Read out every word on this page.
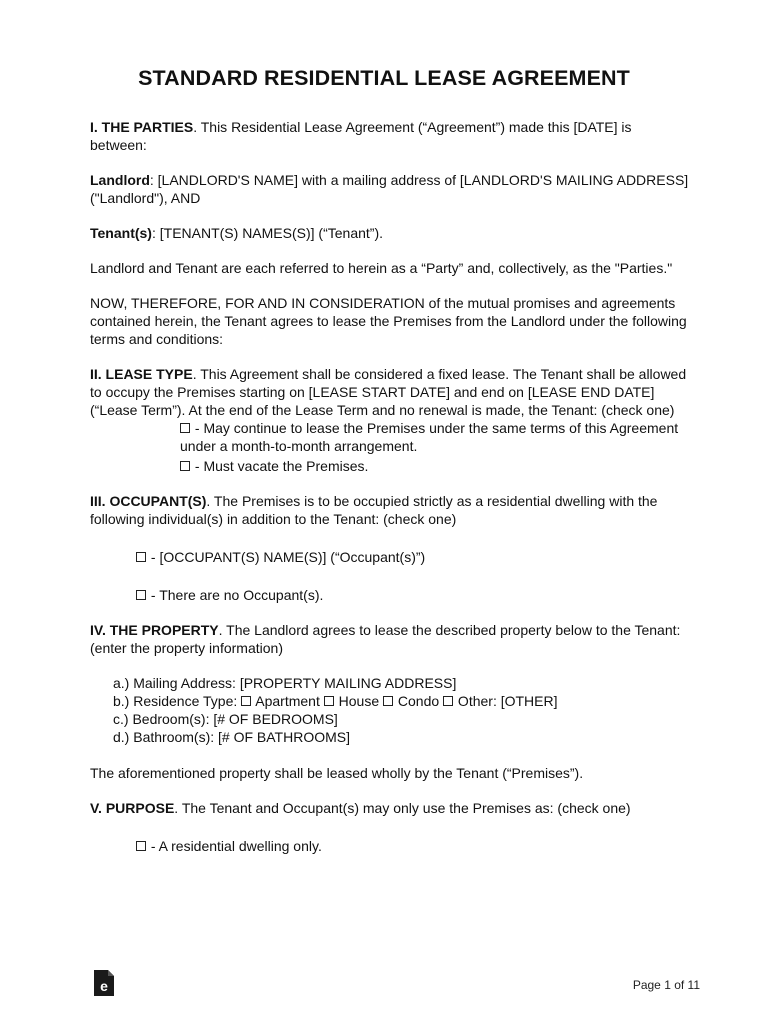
STANDARD RESIDENTIAL LEASE AGREEMENT

I. THE PARTIES. This Residential Lease Agreement (“Agreement”) made this [DATE] is between:

Landlord: [LANDLORD'S NAME] with a mailing address of [LANDLORD'S MAILING ADDRESS] ("Landlord"), AND

Tenant(s): [TENANT(S) NAMES(S)] (“Tenant”).

Landlord and Tenant are each referred to herein as a “Party” and, collectively, as the "Parties."

NOW, THEREFORE, FOR AND IN CONSIDERATION of the mutual promises and agreements contained herein, the Tenant agrees to lease the Premises from the Landlord under the following terms and conditions:

II. LEASE TYPE. This Agreement shall be considered a fixed lease. The Tenant shall be allowed to occupy the Premises starting on [LEASE START DATE] and end on [LEASE END DATE] (“Lease Term”). At the end of the Lease Term and no renewal is made, the Tenant: (check one)

- May continue to lease the Premises under the same terms of this Agreement under a month-to-month arrangement.

- Must vacate the Premises.

III. OCCUPANT(S). The Premises is to be occupied strictly as a residential dwelling with the following individual(s) in addition to the Tenant: (check one)

- [OCCUPANT(S) NAME(S)] (“Occupant(s)”)

- There are no Occupant(s).

IV. THE PROPERTY. The Landlord agrees to lease the described property below to the Tenant: (enter the property information)

a.) Mailing Address: [PROPERTY MAILING ADDRESS]

b.) Residence Type:  Apartment  House  Condo  Other: [OTHER]

c.) Bedroom(s): [# OF BEDROOMS]

d.) Bathroom(s): [# OF BATHROOMS]

The aforementioned property shall be leased wholly by the Tenant (“Premises”).

V. PURPOSE. The Tenant and Occupant(s) may only use the Premises as: (check one)

- A residential dwelling only.

e	Page 1 of 11
